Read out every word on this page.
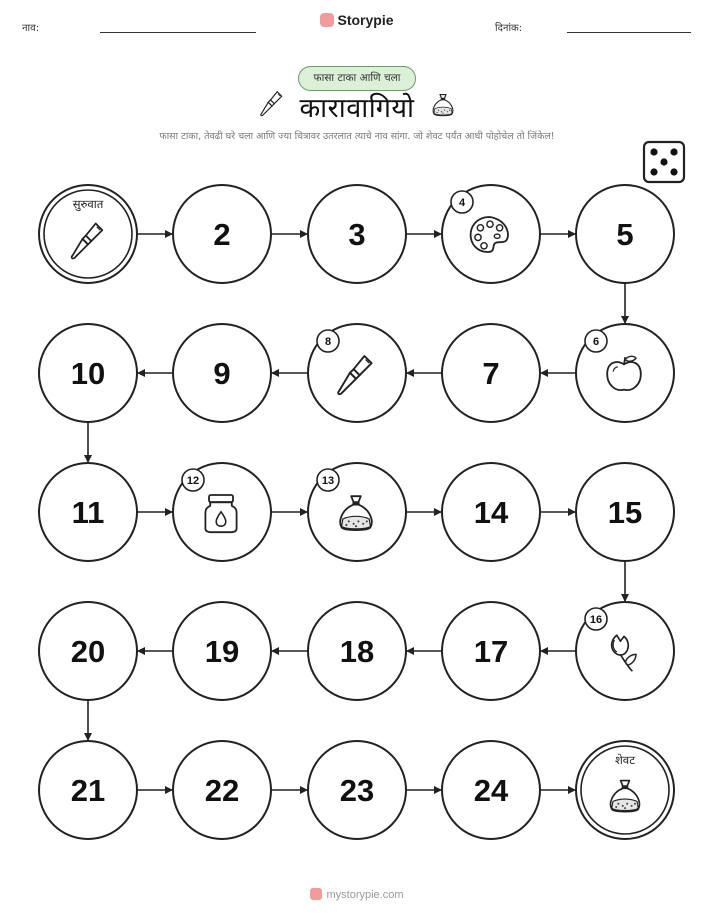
नाव:
Storypie
दिनांक:
फासा टाका आणि चला
कारावागियो
फासा टाका, तेवढी घरे चला आणि ज्या चित्रावर उतरलात त्याचे नाव सांगा. जो शेवट पर्यंत आधी पोहोचेल तो जिंकेल!
सुरुवात
2	3
4
5
6
7
8
9
10
11
12	13
14	15
16
17
18
19
20
21	22	23	24
शेवट
mystorypie.com
